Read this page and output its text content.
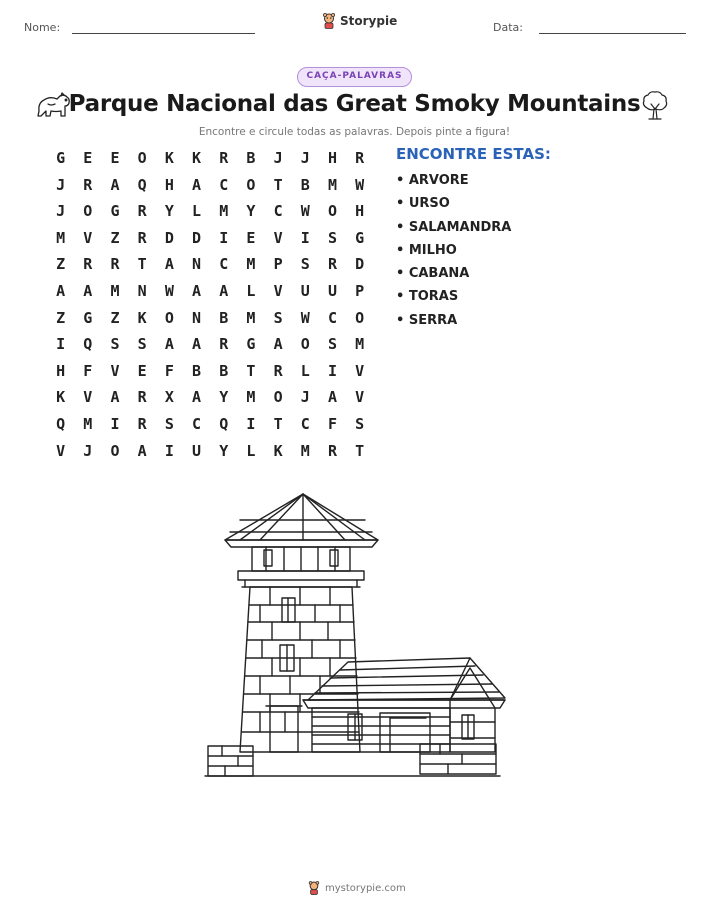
Nome:	Storypie	Data:
CAÇA-PALAVRAS
Parque Nacional das Great Smoky Mountains
Encontre e circule todas as palavras. Depois pinte a figura!
G	E	E	O	K	K	R	B	J	J	H	R
J	R	A	Q	H	A	C	O	T	B	M	W
J	O	G	R	Y	L	M	Y	C	W	O	H
M	V	Z	R	D	D	I	E	V	I	S	G
Z	R	R	T	A	N	C	M	P	S	R	D
A	A	M	N	W	A	A	L	V	U	U	P
Z	G	Z	K	O	N	B	M	S	W	C	O
I	Q	S	S	A	A	R	G	A	O	S	M
H	F	V	E	F	B	B	T	R	L	I	V
K	V	A	R	X	A	Y	M	O	J	A	V
Q	M	I	R	S	C	Q	I	T	C	F	S
V	J	O	A	I	U	Y	L	K	M	R	T
ENCONTRE ESTAS:
• ARVORE
• URSO
• SALAMANDRA
• MILHO
• CABANA
• TORAS
• SERRA
mystorypie.com
